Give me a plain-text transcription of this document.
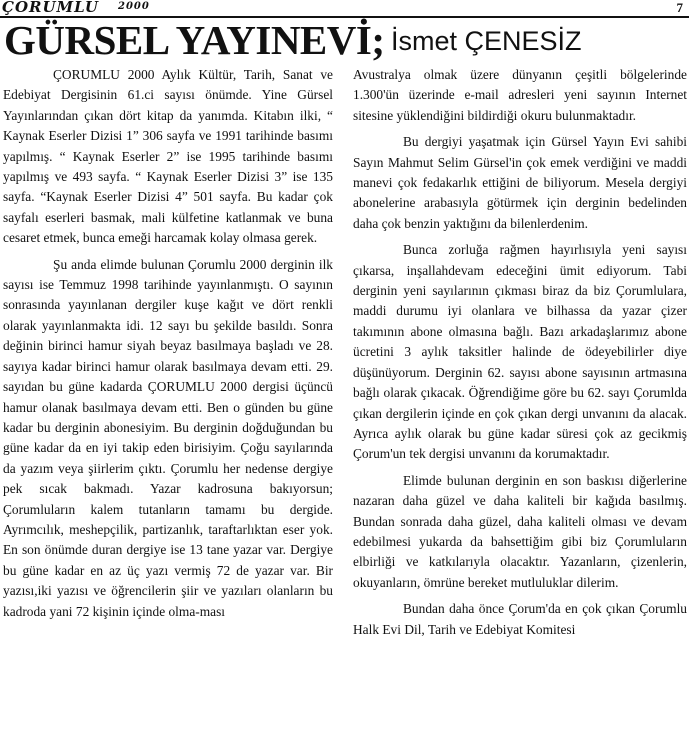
ÇORUMLU 2000	7
GÜRSEL YAYINEVİ; İsmet ÇENESİZ

ÇORUMLU 2000 Aylık Kültür, Tarih, Sanat ve Edebiyat Dergisinin 61.ci sayısı önümde. Yine Gürsel Yayınlarından çıkan dört kitap da yanımda. Kitabın ilki, “ Kaynak Eserler Dizisi 1” 306 sayfa ve 1991 tarihinde basımı yapılmış. “ Kaynak Eserler 2” ise 1995 tarihinde basımı yapılmış ve 493 sayfa. “ Kaynak Eserler Dizisi 3” ise 135 sayfa. “Kaynak Eserler Dizisi 4” 501 sayfa. Bu kadar çok sayfalı eserleri basmak, mali külfetine katlanmak ve buna cesaret etmek, bunca emeği harcamak kolay olmasa gerek.

Şu anda elimde bulunan Çorumlu 2000 derginin ilk sayısı ise Temmuz 1998 tarihinde yayınlanmıştı. O sayının sonrasında yayınlanan dergiler kuşe kağıt ve dört renkli olarak yayınlanmakta idi. 12 sayı bu şekilde basıldı. Sonra değinin birinci hamur siyah beyaz basılmaya başladı ve 28. sayıya kadar birinci hamur olarak basılmaya devam etti. 29. sayıdan bu güne kadarda ÇORUMLU 2000 dergisi üçüncü hamur olanak basılmaya devam etti. Ben o günden bu güne kadar bu derginin abonesiyim. Bu derginin doğduğundan bu güne kadar da en iyi takip eden birisiyim. Çoğu sayılarında da yazım veya şiirlerim çıktı. Çorumlu her nedense dergiye pek sıcak bakmadı. Yazar kadrosuna bakıyorsun; Çorumluların kalem tutanların tamamı bu dergide. Ayrımcılık, meshepçilik, partizanlık, taraftarlıktan eser yok. En son önümde duran dergiye ise 13 tane yazar var. Dergiye bu güne kadar en az üç yazı vermiş 72 de yazar var. Bir yazısı,iki yazısı ve öğrencilerin şiir ve yazıları olanların bu kadroda yani 72 kişinin içinde olma-ması

Avustralya olmak üzere dünyanın çeşitli bölgelerinde 1.300'ün üzerinde e-mail adresleri yeni sayının Internet sitesine yüklendiğini bildirdiği okuru bulunmaktadır.

Bu dergiyi yaşatmak için Gürsel Yayın Evi sahibi Sayın Mahmut Selim Gürsel'in çok emek verdiğini ve maddi manevi çok fedakarlık ettiğini de biliyorum. Mesela dergiyi abonelerine arabasıyla götürmek için derginin bedelinden daha çok benzin yaktığını da bilenlerdenim.

Bunca zorluğa rağmen hayırlısıyla yeni sayısı çıkarsa, inşallahdevam edeceğini ümit ediyorum. Tabi derginin yeni sayılarının çıkması biraz da biz Çorumlulara, maddi durumu iyi olanlara ve bilhassa da yazar çizer takımının abone olmasına bağlı. Bazı arkadaşlarımız abone ücretini 3 aylık taksitler halinde de ödeyebilirler diye düşünüyorum. Derginin 62. sayısı abone sayısının artmasına bağlı olarak çıkacak. Öğrendiğime göre bu 62. sayı Çorumlda çıkan dergilerin içinde en çok çıkan dergi unvanını da alacak. Ayrıca aylık olarak bu güne kadar süresi çok az gecikmiş Çorum'un tek dergisi unvanını da korumaktadır.

Elimde bulunan derginin en son baskısı diğerlerine nazaran daha güzel ve daha kaliteli bir kağıda basılmış. Bundan sonrada daha güzel, daha kaliteli olması ve devam edebilmesi yukarda da bahsettiğim gibi biz Çorumluların elbirliği ve katkılarıyla olacaktır. Yazanların, çizenlerin, okuyanların, ömrüne bereket mutluluklar dilerim.

Bundan daha önce Çorum'da en çok çıkan Çorumlu Halk Evi Dil, Tarih ve Edebiyat Komitesi
